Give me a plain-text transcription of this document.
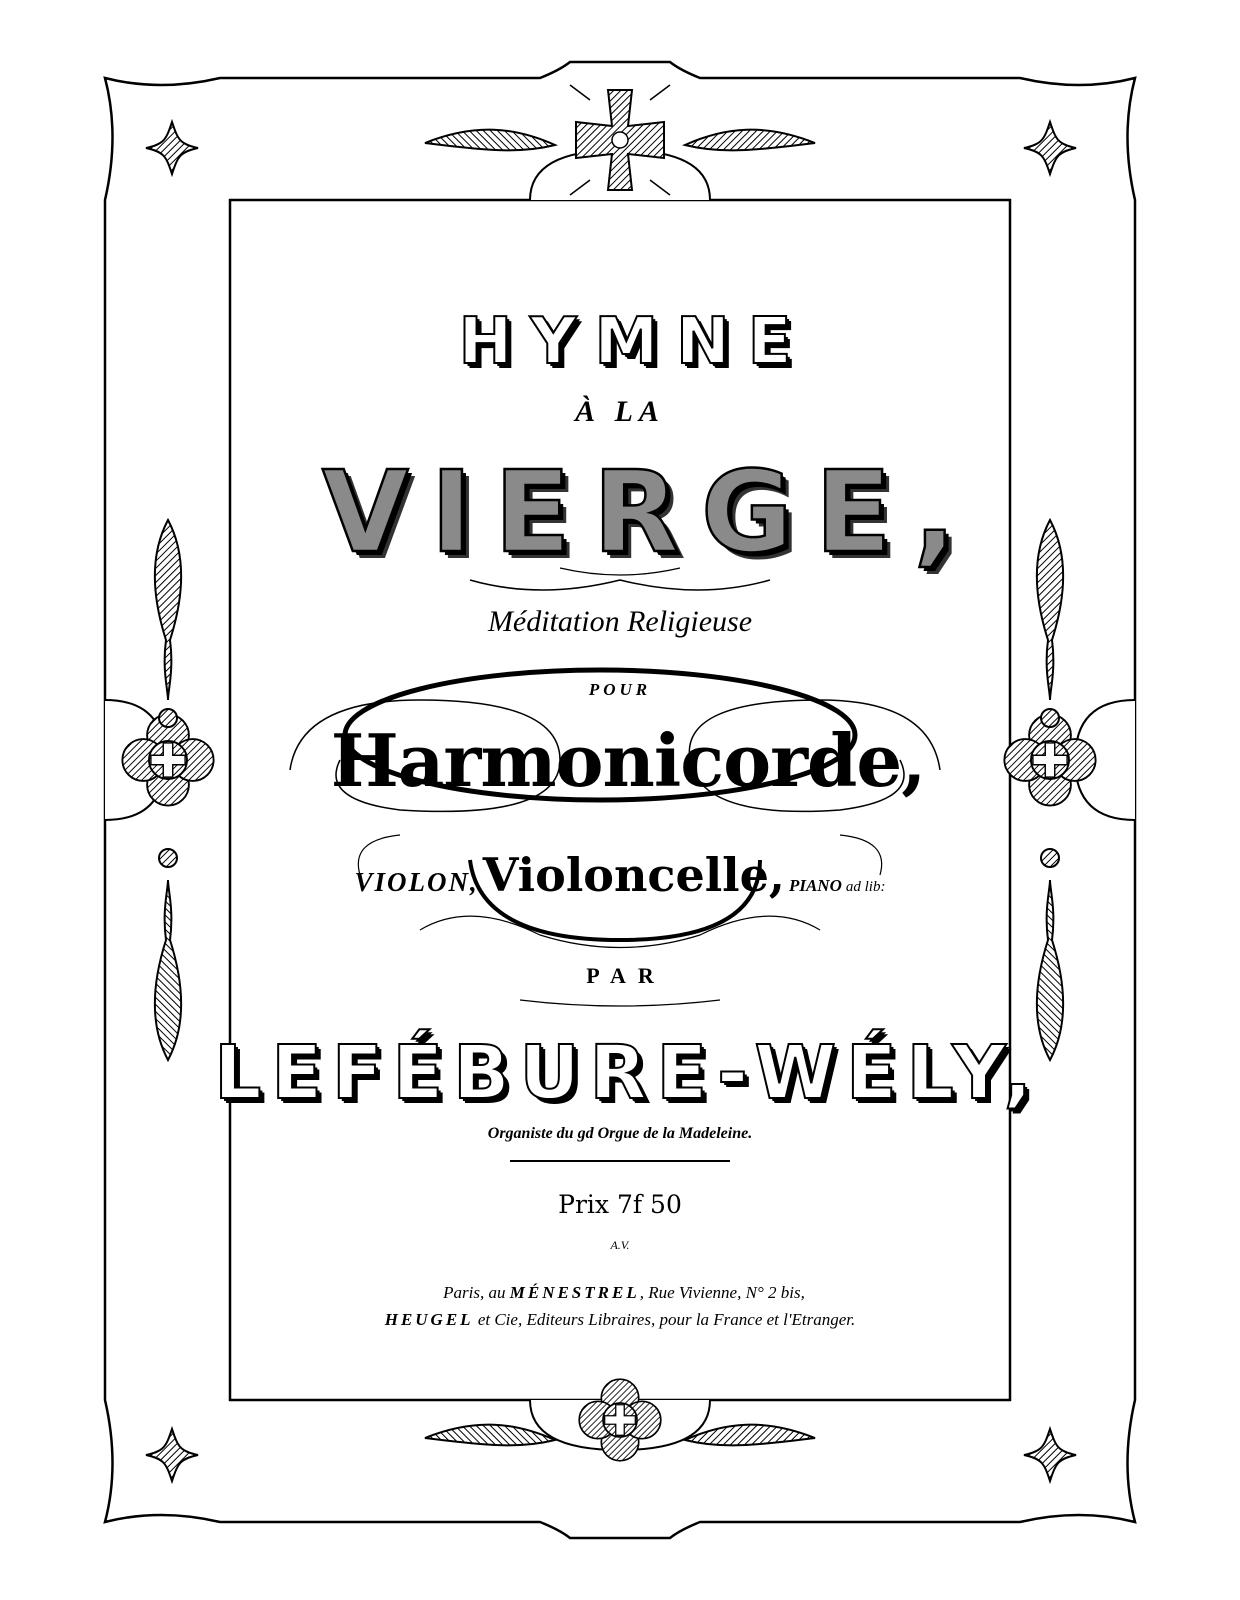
HYMNE
À LA
VIERGE,
Méditation Religieuse
POUR
Harmonicorde,
VIOLON, Violoncelle, PIANO ad lib:
PAR
LEFÉBURE-WÉLY,
Organiste du gd Orgue de la Madeleine.
Prix 7f 50
A.V.
Paris, au MÉNESTREL, Rue Vivienne, N° 2 bis,
HEUGEL et Cie, Editeurs Libraires, pour la France et l'Etranger.
